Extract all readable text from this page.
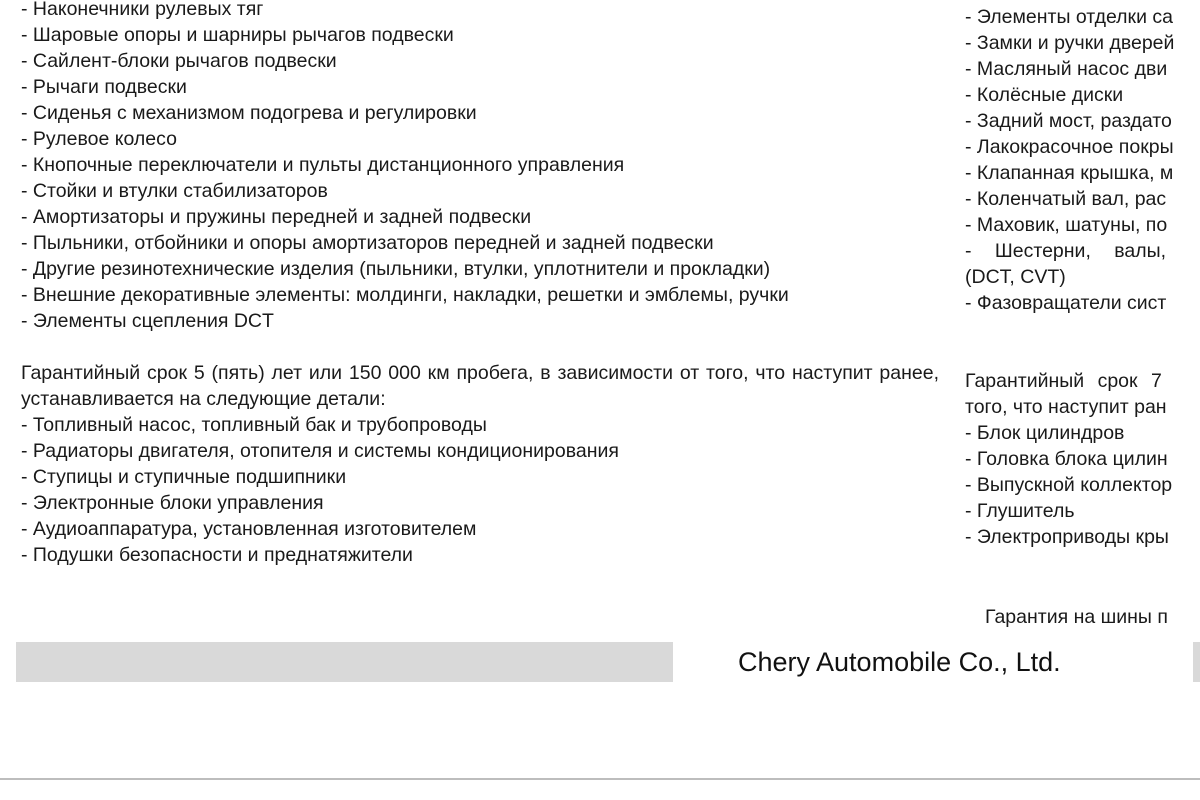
- Наконечники рулевых тяг
- Шаровые опоры и шарниры рычагов подвески
- Сайлент-блоки рычагов подвески
- Рычаги подвески
- Сиденья с механизмом подогрева и регулировки
- Рулевое колесо
- Кнопочные переключатели и пульты дистанционного управления
- Стойки и втулки стабилизаторов
- Амортизаторы и пружины передней и задней подвески
- Пыльники, отбойники и опоры амортизаторов передней и задней подвески
- Другие резинотехнические изделия (пыльники, втулки, уплотнители и прокладки)
- Внешние декоративные элементы: молдинги, накладки, решетки и эмблемы, ручки
- Элементы сцепления DCT
Гарантийный срок 5 (пять) лет или 150 000 км пробега, в зависимости от того, что наступит ранее, устанавливается на следующие детали:
- Топливный насос, топливный бак и трубопроводы
- Радиаторы двигателя, отопителя и системы кондиционирования
- Ступицы и ступичные подшипники
- Электронные блоки управления
- Аудиоаппаратура, установленная изготовителем
- Подушки безопасности и преднатяжители
- Элементы отделки са
- Замки и ручки дверей
- Масляный насос дви
- Колёсные диски
- Задний мост, раздато
- Лакокрасочное покры
- Клапанная крышка, м
- Коленчатый вал, рас
- Маховик, шатуны, по
- Шестерни, валы,
(DCT, CVT)
- Фазовращатели сист
Гарантийный срок 7
того, что наступит ран
- Блок цилиндров
- Головка блока цилин
- Выпускной коллектор
- Глушитель
- Электроприводы кры
Гарантия на шины п
Chery Automobile Co., Ltd.
